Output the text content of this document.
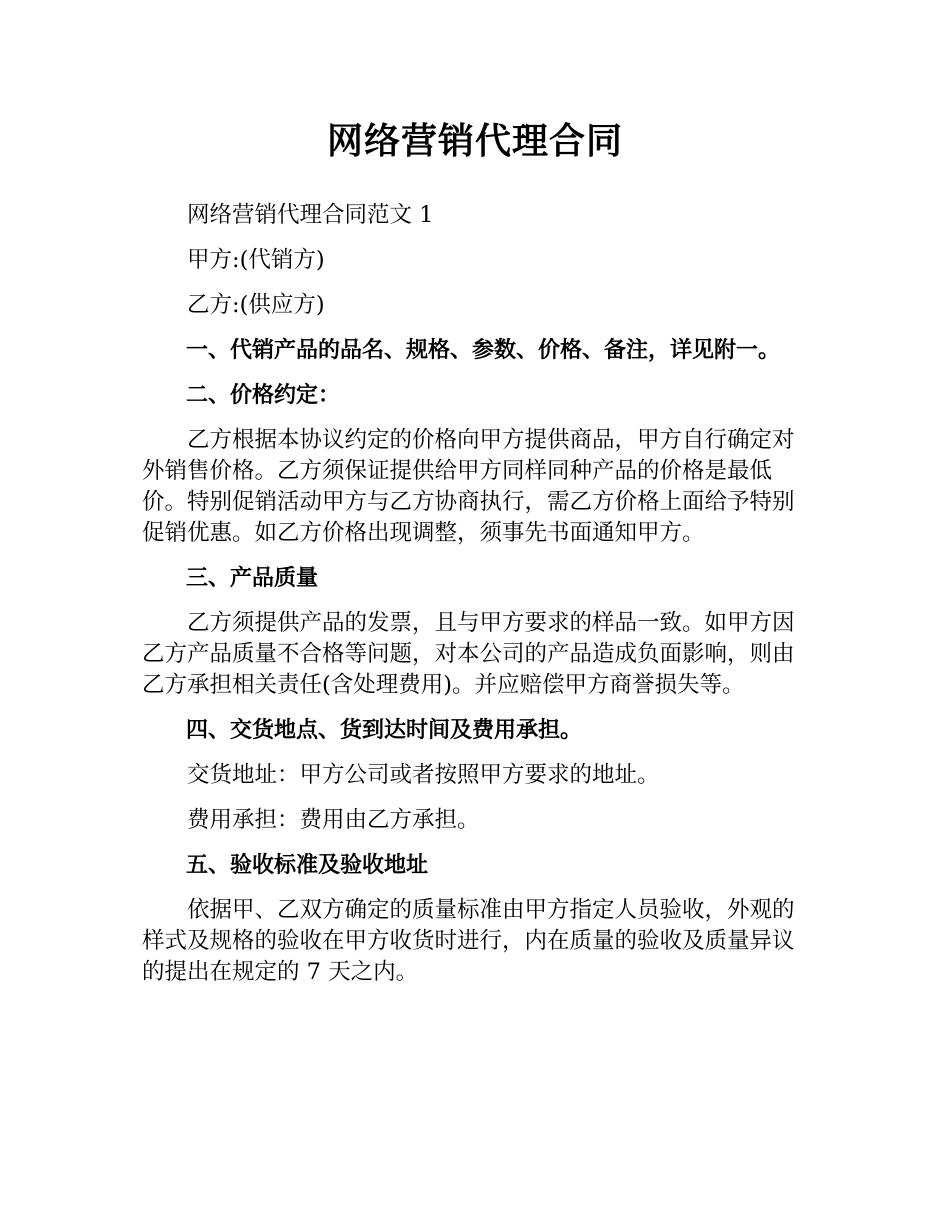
网络营销代理合同

网络营销代理合同范文 1

甲方:(代销方)

乙方:(供应方)

一、代销产品的品名、规格、参数、价格、备注，详见附一。

二、价格约定：

乙方根据本协议约定的价格向甲方提供商品，甲方自行确定对外销售价格。乙方须保证提供给甲方同样同种产品的价格是最低价。特别促销活动甲方与乙方协商执行，需乙方价格上面给予特别促销优惠。如乙方价格出现调整，须事先书面通知甲方。

三、产品质量

乙方须提供产品的发票，且与甲方要求的样品一致。如甲方因乙方产品质量不合格等问题，对本公司的产品造成负面影响，则由乙方承担相关责任(含处理费用)。并应赔偿甲方商誉损失等。

四、交货地点、货到达时间及费用承担。

交货地址：甲方公司或者按照甲方要求的地址。

费用承担：费用由乙方承担。

五、验收标准及验收地址

依据甲、乙双方确定的质量标准由甲方指定人员验收，外观的样式及规格的验收在甲方收货时进行，内在质量的验收及质量异议的提出在规定的 7 天之内。
